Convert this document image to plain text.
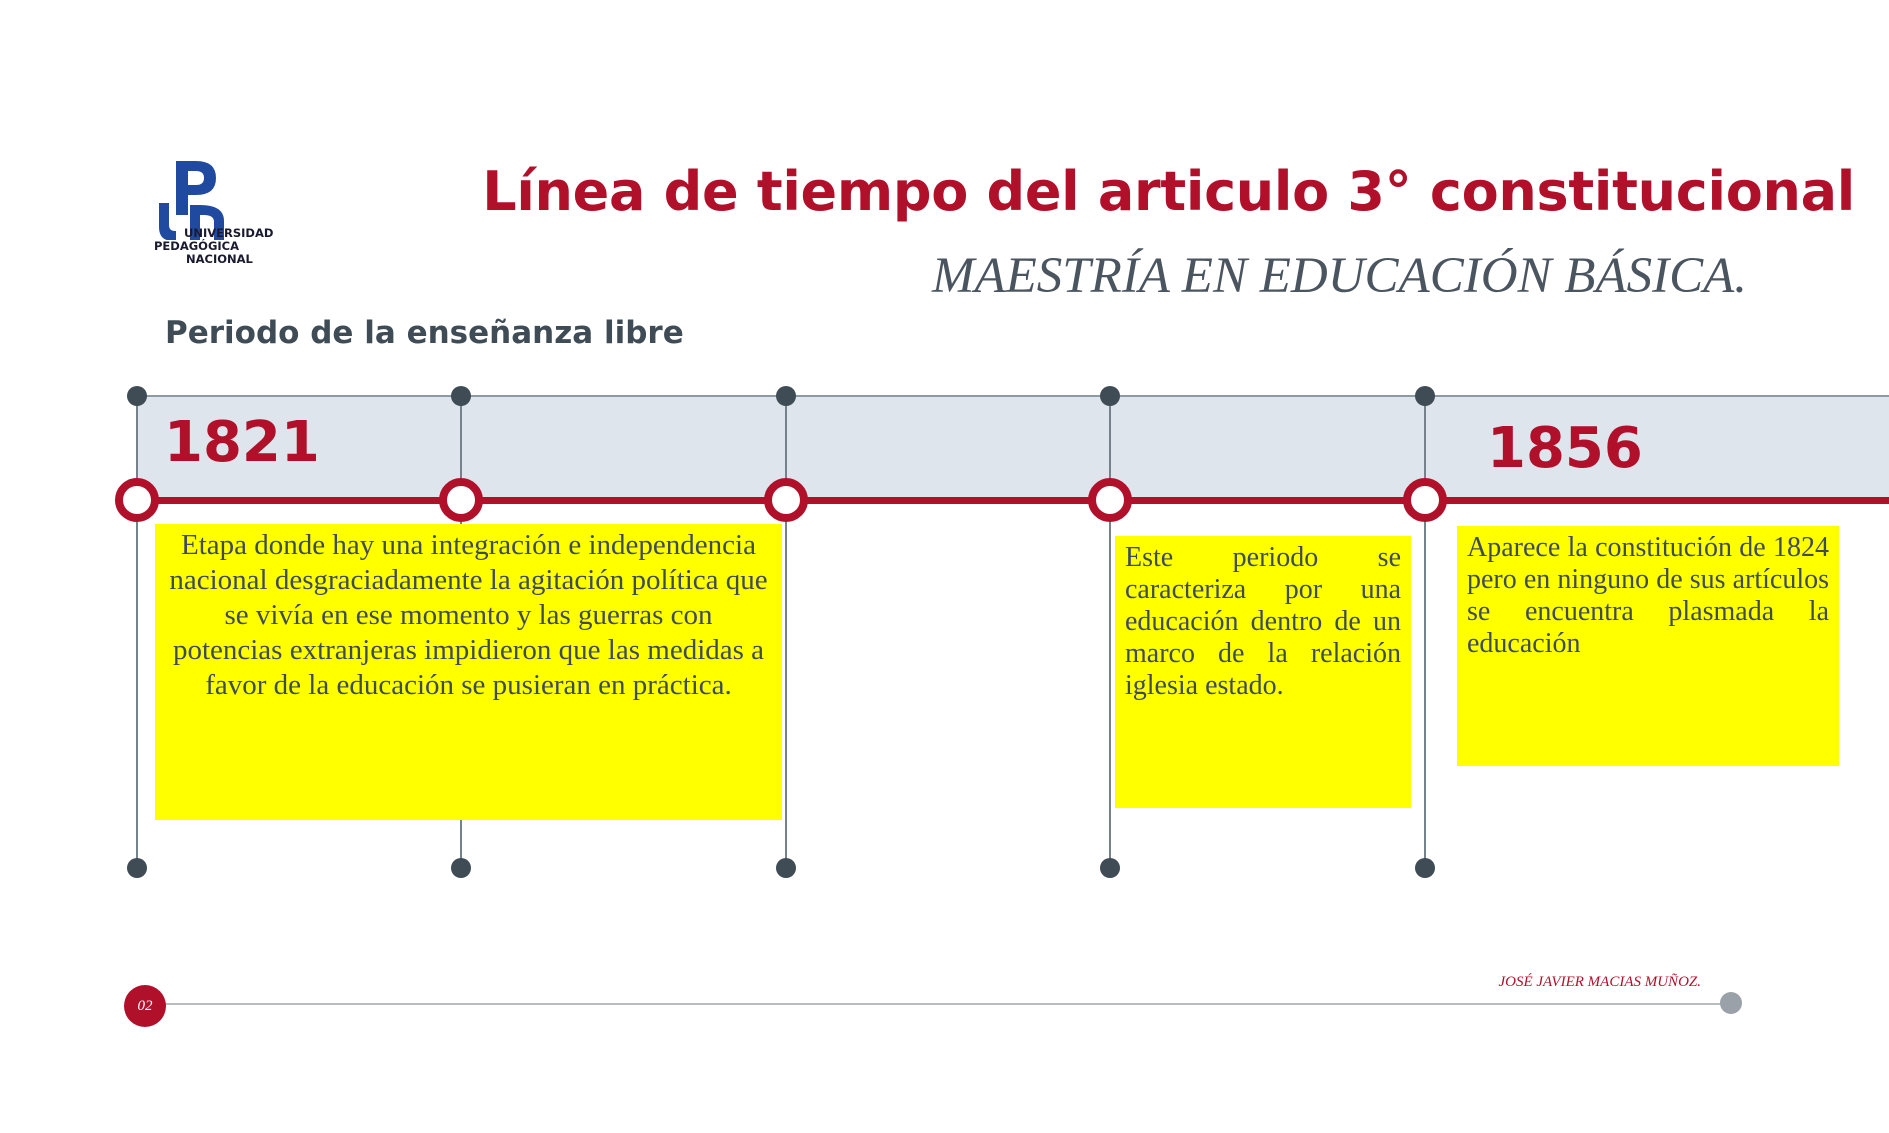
UNIVERSIDAD
PEDAGÓGICA
NACIONAL
Línea de tiempo del articulo 3° constitucional
MAESTRÍA EN EDUCACIÓN BÁSICA.
Periodo de la enseñanza libre
1821	1856
Etapa donde hay una integración e independencia nacional desgraciadamente la agitación política que se vivía en ese momento y las guerras con potencias extranjeras impidieron que las medidas a favor de la educación se pusieran en práctica.
Este periodo se caracteriza por una educación dentro de un marco de la relación iglesia estado.
Aparece la constitución de 1824 pero en ninguno de sus artículos se encuentra plasmada la educación
02
JOSÉ JAVIER MACIAS MUÑOZ.
